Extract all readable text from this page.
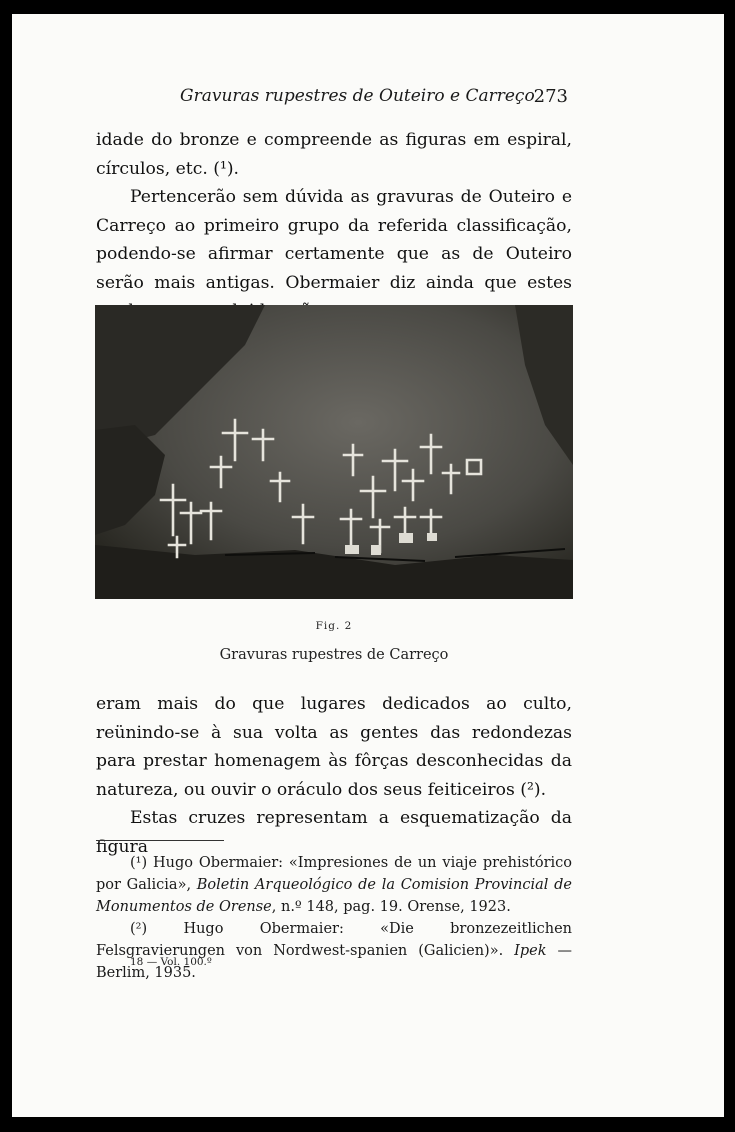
Gravuras rupestres de Outeiro e Carreço
273

idade do bronze e compreende as figuras em espiral, círculos, etc. (¹).

Pertencerão sem dúvida as gravuras de Outeiro e Carreço ao primeiro grupo da referida classificação, podendo-se afirmar certamente que as de Outeiro serão mais antigas. Obermaier diz ainda que estes

Fig. 2
Gravuras rupestres de Carreço

eram mais do que lugares dedicados ao culto, reünindo-se à sua volta as gentes das redondezas para prestar homenagem às fôrças desconhecidas da natureza, ou ouvir o oráculo dos seus feiticeiros (²).

Estas cruzes representam a esquematização da figura

(¹) Hugo Obermaier: «Impresiones de un viaje prehistórico por Galicia», Boletin Arqueológico de la Comision Provincial de Monumentos de Orense, n.º 148, pag. 19. Orense, 1923.

(²)	Hugo Obermaier: «Die bronzezeitlichen Felsgravierungen von Nordwest-spanien (Galicien)». Ipek — Berlim, 1935.

18 — Vol. 100.º
